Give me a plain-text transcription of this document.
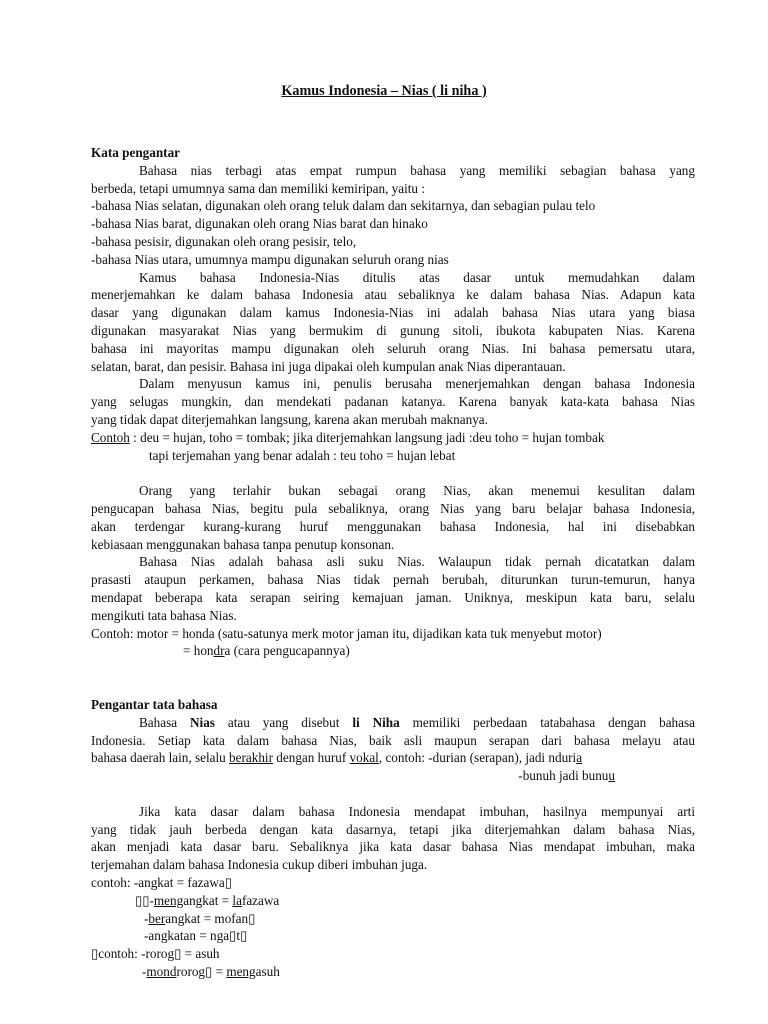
Kamus Indonesia – Nias ( li niha )
Kata pengantar
Bahasa nias terbagi atas empat rumpun bahasa yang memiliki sebagian bahasa yang
berbeda, tetapi umumnya sama dan memiliki kemiripan, yaitu :
-bahasa Nias selatan, digunakan oleh orang teluk dalam dan sekitarnya, dan sebagian pulau telo
-bahasa Nias barat, digunakan oleh orang Nias barat dan hinako
-bahasa pesisir, digunakan oleh orang pesisir, telo,
-bahasa Nias utara, umumnya mampu digunakan seluruh orang nias
Kamus bahasa Indonesia-Nias ditulis atas dasar untuk memudahkan dalam
menerjemahkan ke dalam bahasa Indonesia atau sebaliknya ke dalam bahasa Nias. Adapun kata
dasar yang digunakan dalam kamus Indonesia-Nias ini adalah bahasa Nias utara yang biasa
digunakan masyarakat Nias yang bermukim di gunung sitoli, ibukota kabupaten Nias. Karena
bahasa ini mayoritas mampu digunakan oleh seluruh orang Nias. Ini bahasa pemersatu utara,
selatan, barat, dan pesisir. Bahasa ini juga dipakai oleh kumpulan anak Nias diperantauan.
Dalam menyusun kamus ini, penulis berusaha menerjemahkan dengan bahasa Indonesia
yang selugas mungkin, dan mendekati padanan katanya. Karena banyak kata-kata bahasa Nias
yang tidak dapat diterjemahkan langsung, karena akan merubah maknanya.
Contoh : deu = hujan, toho = tombak; jika diterjemahkan langsung jadi :deu toho = hujan tombak
tapi terjemahan yang benar adalah : teu toho = hujan lebat
Orang yang terlahir bukan sebagai orang Nias, akan menemui kesulitan dalam
pengucapan bahasa Nias, begitu pula sebaliknya, orang Nias yang baru belajar bahasa Indonesia,
akan terdengar kurang-kurang huruf menggunakan bahasa Indonesia, hal ini disebabkan
kebiasaan menggunakan bahasa tanpa penutup konsonan.
Bahasa Nias adalah bahasa asli suku Nias. Walaupun tidak pernah dicatatkan dalam
prasasti ataupun perkamen, bahasa Nias tidak pernah berubah, diturunkan turun-temurun, hanya
mendapat beberapa kata serapan seiring kemajuan jaman. Uniknya, meskipun kata baru, selalu
mengikuti tata bahasa Nias.
Contoh: motor = honda (satu-satunya merk motor jaman itu, dijadikan kata tuk menyebut motor)
= hondra (cara pengucapannya)
Pengantar tata bahasa
Bahasa Nias atau yang disebut li Niha memiliki perbedaan tatabahasa dengan bahasa
Indonesia. Setiap kata dalam bahasa Nias, baik asli maupun serapan dari bahasa melayu atau
bahasa daerah lain, selalu berakhir dengan huruf vokal, contoh: -durian (serapan), jadi nduria
-bunuh jadi bunuu
Jika kata dasar dalam bahasa Indonesia mendapat imbuhan, hasilnya mempunyai arti
yang tidak jauh berbeda dengan kata dasarnya, tetapi jika diterjemahkan dalam bahasa Nias,
akan menjadi kata dasar baru. Sebaliknya jika kata dasar bahasa Nias mendapat imbuhan, maka
terjemahan dalam bahasa Indonesia cukup diberi imbuhan juga.
contoh: -angkat = fazawa▯
▯▯-mengangkat = lafazawa
-berangkat = mofan▯
-angkatan = nga▯t▯
▯contoh: -rorog▯ = asuh
-mondrorog▯ = mengasuh
